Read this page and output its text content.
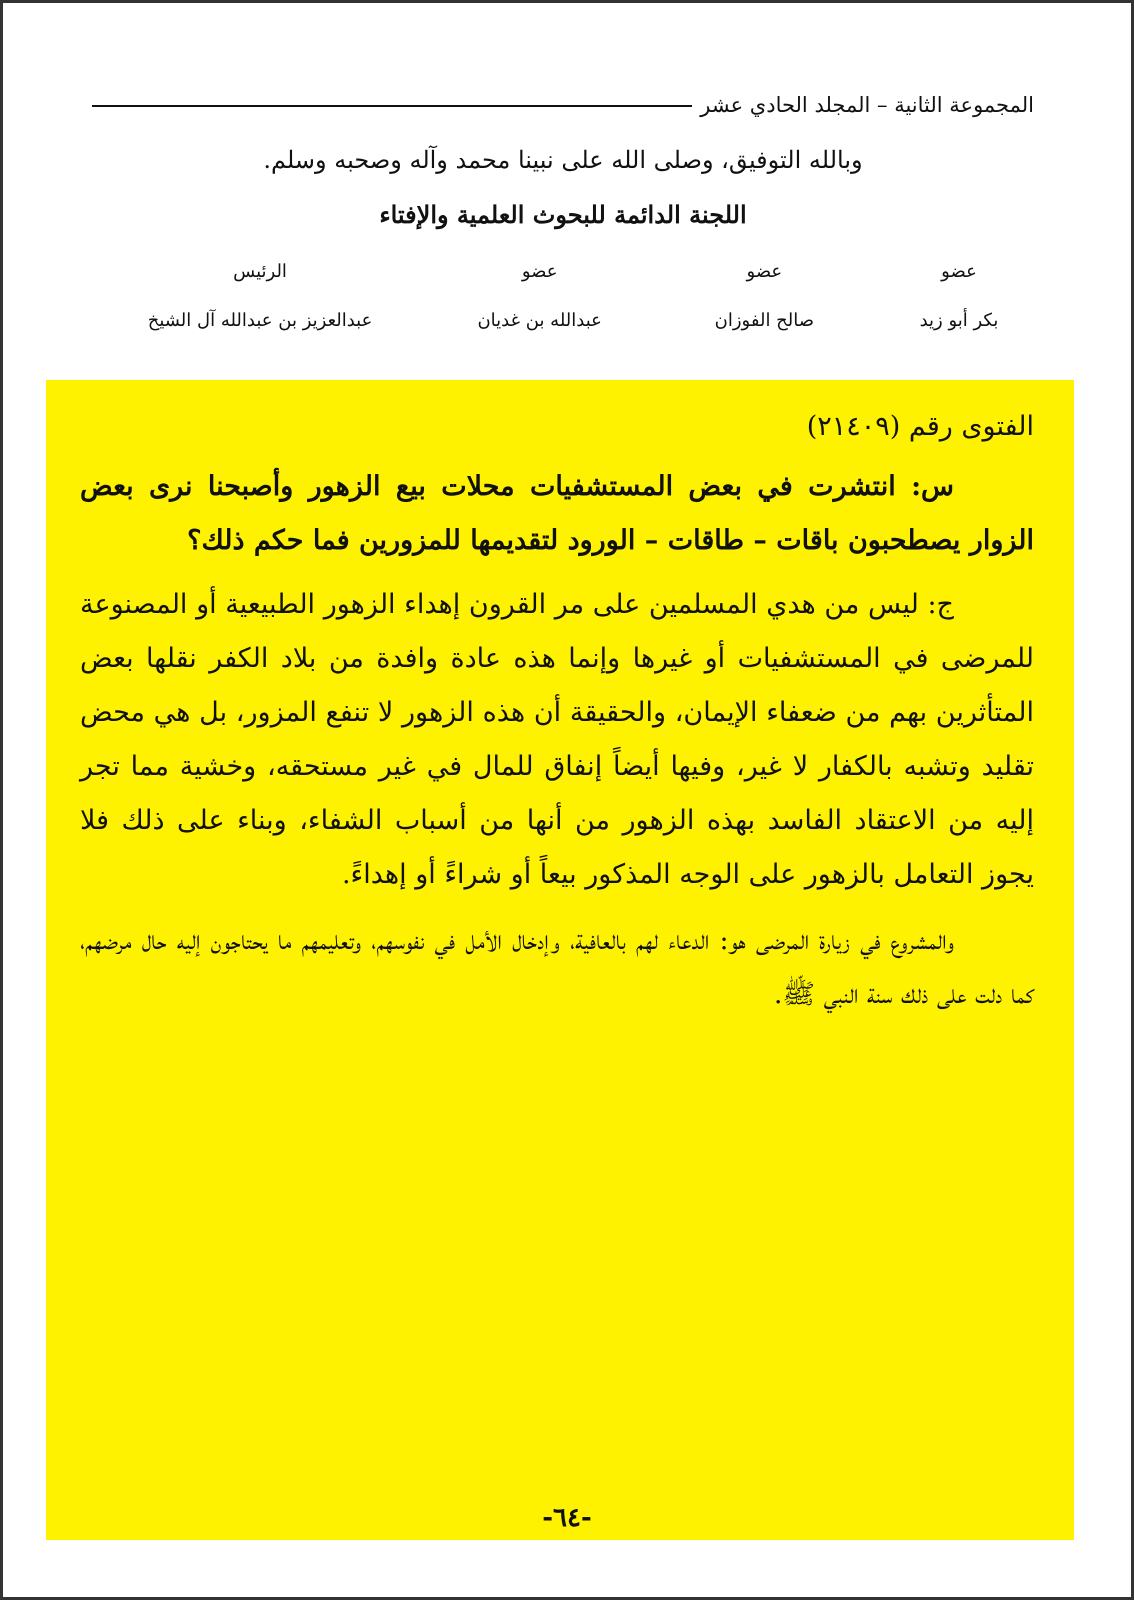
المجموعة الثانية – المجلد الحادي عشر
وبالله التوفيق، وصلى الله على نبينا محمد وآله وصحبه وسلم.
اللجنة الدائمة للبحوث العلمية والإفتاء
عضو
عضو
عضو
الرئيس
بكر أبو زيد
صالح الفوزان
عبدالله بن غديان
عبدالعزيز بن عبدالله آل الشيخ

الفتوى رقم (٢١٤٠٩)

س: انتشرت في بعض المستشفيات محلات بيع الزهور وأصبحنا نرى بعض الزوار يصطحبون باقات – طاقات – الورود لتقديمها للمزورين فما حكم ذلك؟

ج: ليس من هدي المسلمين على مر القرون إهداء الزهور الطبيعية أو المصنوعة للمرضى في المستشفيات أو غيرها وإنما هذه عادة وافدة من بلاد الكفر نقلها بعض المتأثرين بهم من ضعفاء الإيمان، والحقيقة أن هذه الزهور لا تنفع المزور، بل هي محض تقليد وتشبه بالكفار لا غير، وفيها أيضاً إنفاق للمال في غير مستحقه، وخشية مما تجر إليه من الاعتقاد الفاسد بهذه الزهور من أنها من أسباب الشفاء، وبناء على ذلك فلا يجوز التعامل بالزهور على الوجه المذكور بيعاً أو شراءً أو إهداءً.

والمشروع في زيارة المرضى هو: الدعاء لهم بالعافية، وإدخال الأمل في نفوسهم، وتعليمهم ما يحتاجون إليه حال مرضهم، كما دلت على ذلك سنة النبي ﷺ.

-٦٤-
